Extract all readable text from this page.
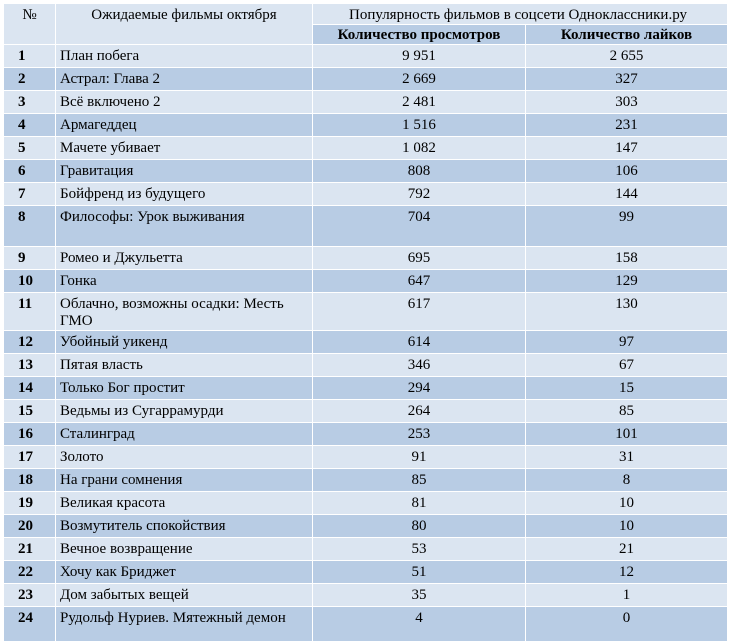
№	Ожидаемые фильмы октября	Популярность фильмов в соцсети Одноклассники.ру	
		Количество просмотров	Количество лайков
1	План побега	9 951	2 655
2	Астрал: Глава 2	2 669	327
3	Всё включено 2	2 481	303
4	Армагеддец	1 516	231
5	Мачете убивает	1 082	147
6	Гравитация	808	106
7	Бойфренд из будущего	792	144
8	Философы: Урок выживания	704	99
9	Ромео и Джульетта	695	158
10	Гонка	647	129
11	Облачно, возможны осадки: Месть ГМО	617	130
12	Убойный уикенд	614	97
13	Пятая власть	346	67
14	Только Бог простит	294	15
15	Ведьмы из Сугаррамурди	264	85
16	Сталинград	253	101
17	Золото	91	31
18	На грани сомнения	85	8
19	Великая красота	81	10
20	Возмутитель спокойствия	80	10
21	Вечное возвращение	53	21
22	Хочу как Бриджет	51	12
23	Дом забытых вещей	35	1
24	Рудольф Нуриев. Мятежный демон	4	0
